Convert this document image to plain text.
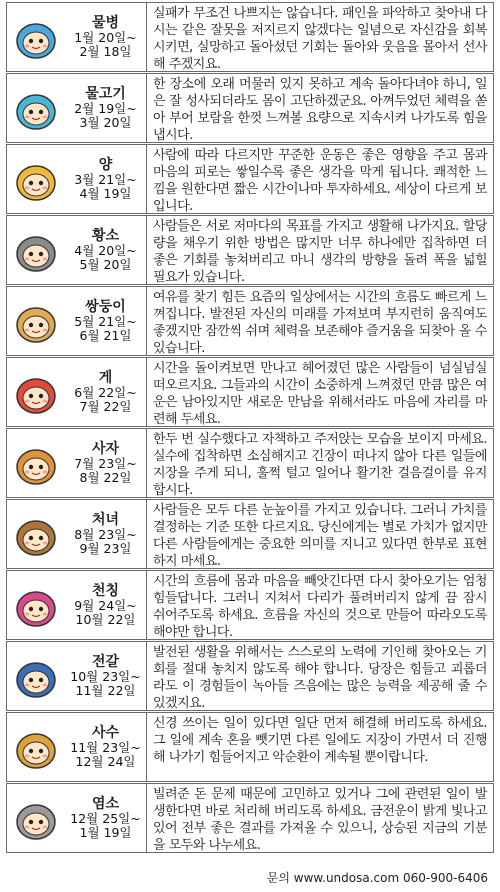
물병
1월 20일~
2월 18일
실패가 무조건 나쁘지는 않습니다. 패인을 파악하고 찾아내 다시는 같은 잘못을 저지르지 않겠다는 일념으로 자신감을 회복시키면, 실망하고 돌아섰던 기회는 돌아와 웃음을 몰아서 선사해 주겠지요.
물고기
2월 19일~
3월 20일
한 장소에 오래 머물러 있지 못하고 계속 돌아다녀야 하니, 일은 잘 성사되더라도 몸이 고단하겠군요. 아껴두었던 체력을 쏟아 부어 보람을 한껏 느껴볼 요량으로 지속시켜 나가도록 힘을 냅시다.
양
3월 21일~
4월 19일
사람에 따라 다르지만 꾸준한 운동은 좋은 영향을 주고 몸과 마음의 피로는 쌓일수록 좋은 생각을 막게 됩니다. 쾌적한 느낌을 원한다면 짧은 시간이나마 투자하세요. 세상이 다르게 보입니다.
황소
4월 20일~
5월 20일
사람들은 서로 저마다의 목표를 가지고 생활해 나가지요. 할당량을 채우기 위한 방법은 많지만 너무 하나에만 집착하면 더 좋은 기회를 놓쳐버리고 마니 생각의 방향을 돌려 폭을 넓힐 필요가 있습니다.
쌍둥이
5월 21일~
6월 21일
여유를 찾기 힘든 요즘의 일상에서는 시간의 흐름도 빠르게 느껴집니다. 발전된 자신의 미래를 가져보며 부지런히 움직여도 좋겠지만 잠깐씩 쉬며 체력을 보존해야 즐거움을 되찾아 올 수 있습니다.
게
6월 22일~
7월 22일
시간을 돌이켜보면 만나고 헤어졌던 많은 사람들이 넘실넘실 떠오르지요. 그들과의 시간이 소중하게 느껴졌던 만큼 많은 여운은 남아있지만 새로운 만남을 위해서라도 마음에 자리를 마련해 두세요.
사자
7월 23일~
8월 22일
한두 번 실수했다고 자책하고 주저앉는 모습을 보이지 마세요. 실수에 집착하면 소심해지고 긴장이 떠나지 않아 다른 일들에 지장을 주게 되니, 훌쩍 털고 일어나 활기찬 걸음걸이를 유지합시다.
처녀
8월 23일~
9월 23일
사람들은 모두 다른 눈높이를 가지고 있습니다. 그러니 가치를 결정하는 기준 또한 다르지요. 당신에게는 별로 가치가 없지만 다른 사람들에게는 중요한 의미를 지니고 있다면 한부로 표현하지 마세요.
천칭
9월 24일~
10월 22일
시간의 흐름에 몸과 마음을 빼앗긴다면 다시 찾아오기는 엄청 힘들답니다. 그러니 지쳐서 다리가 풀려버리지 않게 끔 잠시 쉬어주도록 하세요. 흐름을 자신의 것으로 만들어 따라오도록 해야만 합니다.
전갈
10월 23일~
11월 22일
발전된 생활을 위해서는 스스로의 노력에 기인해 찾아오는 기회를 절대 놓치지 않도록 해야 합니다. 당장은 힘들고 괴롭더라도 이 경험들이 녹아들 즈음에는 많은 능력을 제공해 줄 수 있겠지요.
사수
11월 23일~
12월 24일
신경 쓰이는 일이 있다면 일단 먼저 해결해 버리도록 하세요. 그 일에 계속 혼을 뺏기면 다른 일에도 지장이 가면서 더 진행해 나가기 힘들어지고 악순환이 계속될 뿐이랍니다.
염소
12월 25일~
1월 19일
빌려준 돈 문제 때문에 고민하고 있거나 그에 관련된 일이 발생한다면 바로 처리해 버리도록 하세요. 금전운이 밝게 빛나고 있어 전부 좋은 결과를 가져올 수 있으니, 상승된 지금의 기분을 모두와 나누세요.
문의 www.undosa.com 060-900-6406
